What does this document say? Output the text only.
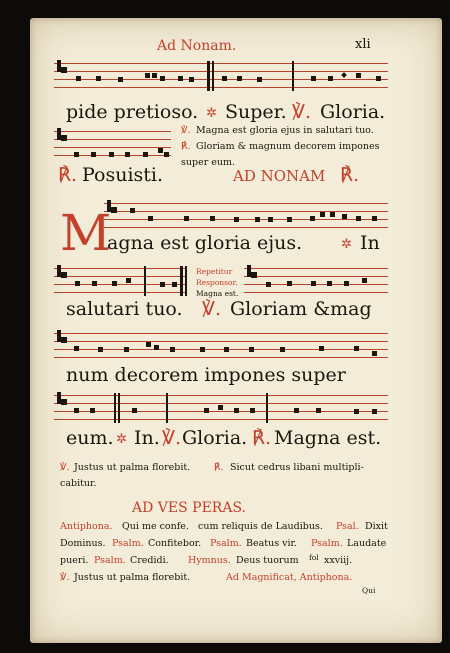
Ad Nonam.	xli
pide pretioso. ✲ Super. ℣. Gloria.
℣. Magna est gloria ejus in salutari tuo.
℟. Gloriam & magnum decorem impones
super eum.
℟. Posuisti.	AD NONAM ℟.
M
agna est gloria ejus.	✲ In
Repetitur
Responsor.
Magna est.
salutari tuo. ℣. Gloriam &mag
num decorem impones super
eum. ✲ In. ℣. Gloria. ℟. Magna est.
℣. Justus ut palma florebit.	℟. Sicut cedrus libani multipli-
cabitur.
AD VES PERAS.
Antiphona. Qui me confe. cum reliquis de Laudibus. Psal. Dixit
Dominus. Psalm. Confitebor. Psalm. Beatus vir. Psalm. Laudate
pueri. Psalm. Credidi. Hymnus. Deus tuorum fol xxviij.
℣. Justus ut palma florebit.	Ad Magnificat, Antiphona.
Qui
